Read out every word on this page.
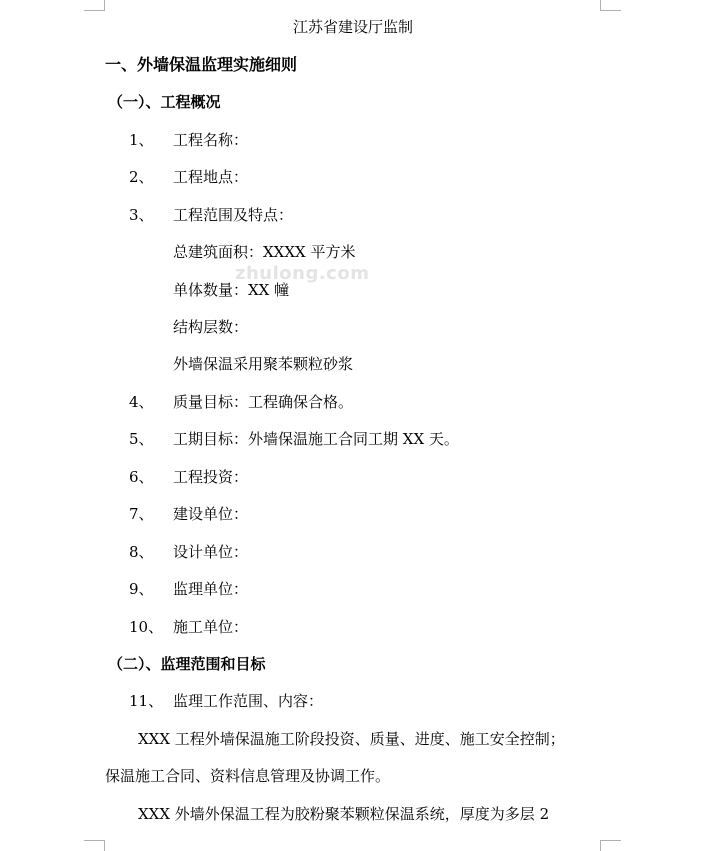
江苏省建设厅监制
zhulong.com
一、外墙保温监理实施细则
（一）、工程概况
1、 工程名称：
2、 工程地点：
3、 工程范围及特点：
总建筑面积：XXXX 平方米
单体数量：XX 幢
结构层数：
外墙保温采用聚苯颗粒砂浆
4、 质量目标：工程确保合格。
5、 工期目标：外墙保温施工合同工期 XX 天。
6、 工程投资：
7、 建设单位：
8、 设计单位：
9、 监理单位：
10、 施工单位：
（二）、监理范围和目标
11、 监理工作范围、内容：
XXX 工程外墙保温施工阶段投资、质量、进度、施工安全控制；
保温施工合同、资料信息管理及协调工作。
XXX 外墙外保温工程为胶粉聚苯颗粒保温系统，厚度为多层 2
